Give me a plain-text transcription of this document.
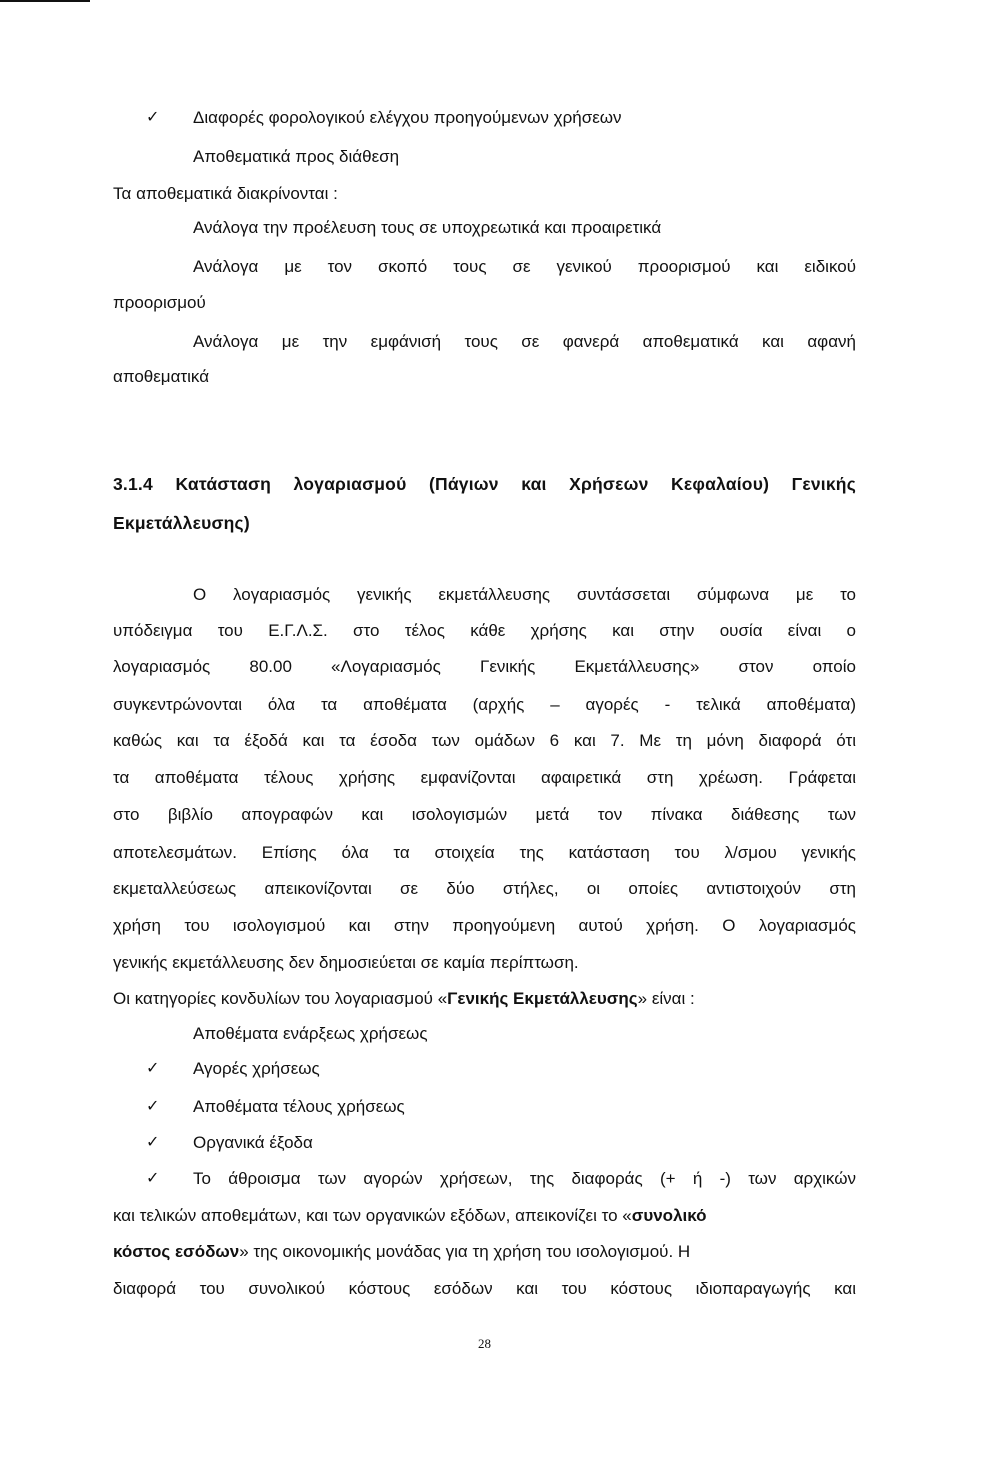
✓ Διαφορές φορολογικού ελέγχου προηγούμενων χρήσεων
Αποθεματικά προς διάθεση
Τα αποθεματικά διακρίνονται :
Ανάλογα την προέλευση τους σε υποχρεωτικά και προαιρετικά
Ανάλογα με τον σκοπό τους σε γενικού προορισμού και ειδικού
προορισμού
Ανάλογα με την εμφάνισή τους σε φανερά αποθεματικά και αφανή
αποθεματικά
3.1.4 Κατάσταση λογαριασμού (Πάγιων και Χρήσεων Κεφαλαίου) Γενικής
Εκμετάλλευσης)
Ο λογαριασμός γενικής εκμετάλλευσης συντάσσεται σύμφωνα με το
υπόδειγμα του Ε.Γ.Λ.Σ. στο τέλος κάθε χρήσης και στην ουσία είναι ο
λογαριασμός 80.00 «Λογαριασμός Γενικής Εκμετάλλευσης» στον οποίο
συγκεντρώνονται όλα τα αποθέματα (αρχής – αγορές - τελικά αποθέματα)
καθώς και τα έξοδά και τα έσοδα των ομάδων 6 και 7. Με τη μόνη διαφορά ότι
τα αποθέματα τέλους χρήσης εμφανίζονται αφαιρετικά στη χρέωση. Γράφεται
στο βιβλίο απογραφών και ισολογισμών μετά τον πίνακα διάθεσης των
αποτελεσμάτων. Επίσης όλα τα στοιχεία της κατάσταση του λ/σμου γενικής
εκμεταλλεύσεως απεικονίζονται σε δύο στήλες, οι οποίες αντιστοιχούν στη
χρήση του ισολογισμού και στην προηγούμενη αυτού χρήση. Ο λογαριασμός
γενικής εκμετάλλευσης δεν δημοσιεύεται σε καμία περίπτωση.
Οι κατηγορίες κονδυλίων του λογαριασμού «Γενικής Εκμετάλλευσης» είναι :
Αποθέματα ενάρξεως χρήσεως
✓ Αγορές χρήσεως
✓ Αποθέματα τέλους χρήσεως
✓ Οργανικά έξοδα
✓ Το άθροισμα των αγορών χρήσεων, της διαφοράς (+ ή -) των αρχικών
και τελικών αποθεμάτων, και των οργανικών εξόδων, απεικονίζει το «συνολικό
κόστος εσόδων» της οικονομικής μονάδας για τη χρήση του ισολογισμού. Η
διαφορά του συνολικού κόστους εσόδων και του κόστους ιδιοπαραγωγής και
28
